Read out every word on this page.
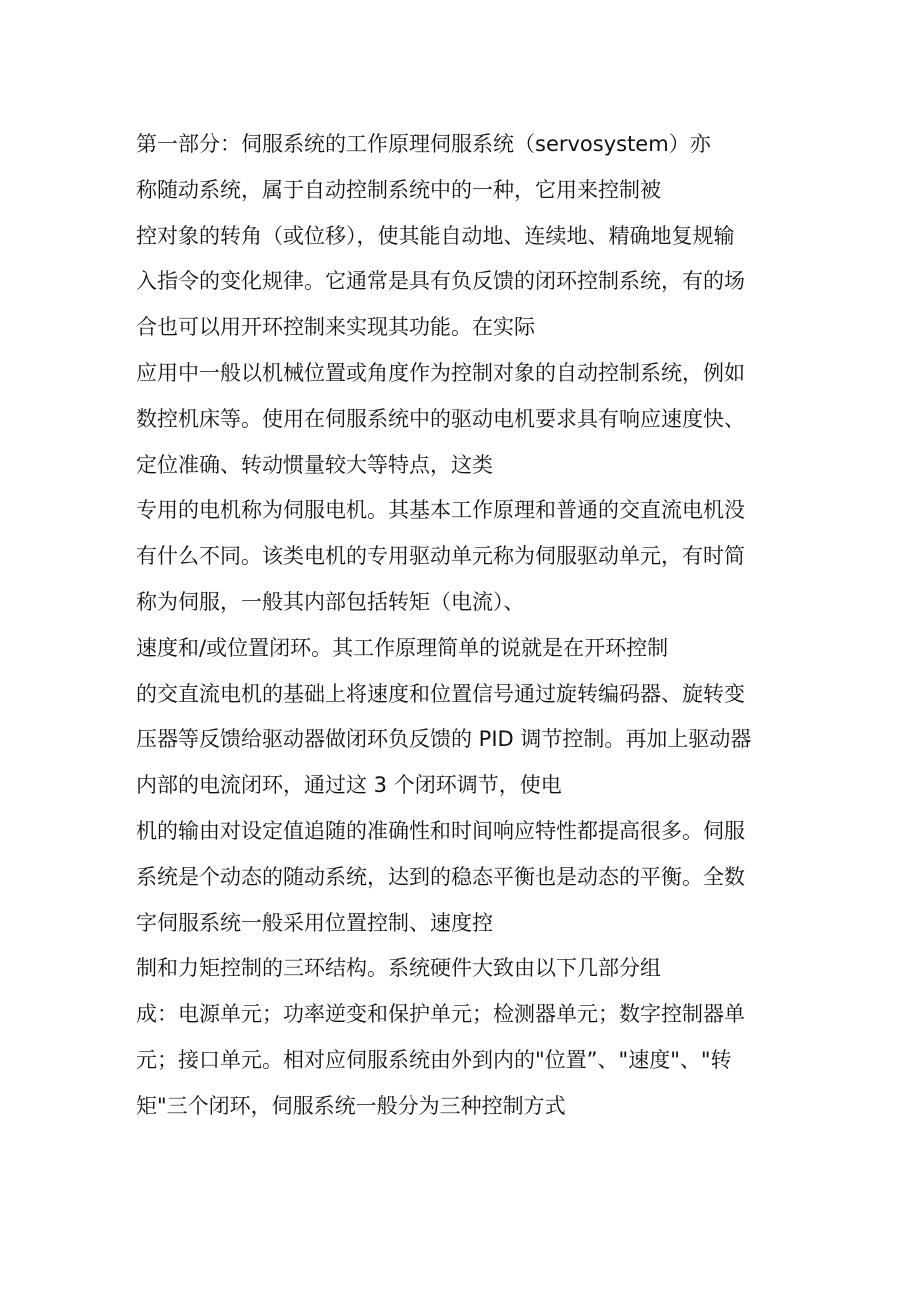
第一部分：伺服系统的工作原理伺服系统（servosystem）亦
称随动系统，属于自动控制系统中的一种，它用来控制被
控对象的转角（或位移），使其能自动地、连续地、精确地复规输
入指令的变化规律。它通常是具有负反馈的闭环控制系统，有的场
合也可以用开环控制来实现其功能。在实际
应用中一般以机械位置或角度作为控制对象的自动控制系统，例如
数控机床等。使用在伺服系统中的驱动电机要求具有响应速度快、
定位准确、转动惯量较大等特点，这类
专用的电机称为伺服电机。其基本工作原理和普通的交直流电机没
有什么不同。该类电机的专用驱动单元称为伺服驱动单元，有时简
称为伺服，一般其内部包括转矩（电流）、
速度和/或位置闭环。其工作原理简单的说就是在开环控制
的交直流电机的基础上将速度和位置信号通过旋转编码器、旋转变
压器等反馈给驱动器做闭环负反馈的 PID 调节控制。再加上驱动器
内部的电流闭环，通过这 3 个闭环调节，使电
机的输由对设定值追随的准确性和时间响应特性都提高很多。伺服
系统是个动态的随动系统，达到的稳态平衡也是动态的平衡。全数
字伺服系统一般采用位置控制、速度控
制和力矩控制的三环结构。系统硬件大致由以下几部分组
成：电源单元；功率逆变和保护单元；检测器单元；数字控制器单
元；接口单元。相对应伺服系统由外到内的"位置”、"速度"、"转
矩"三个闭环，伺服系统一般分为三种控制方式
